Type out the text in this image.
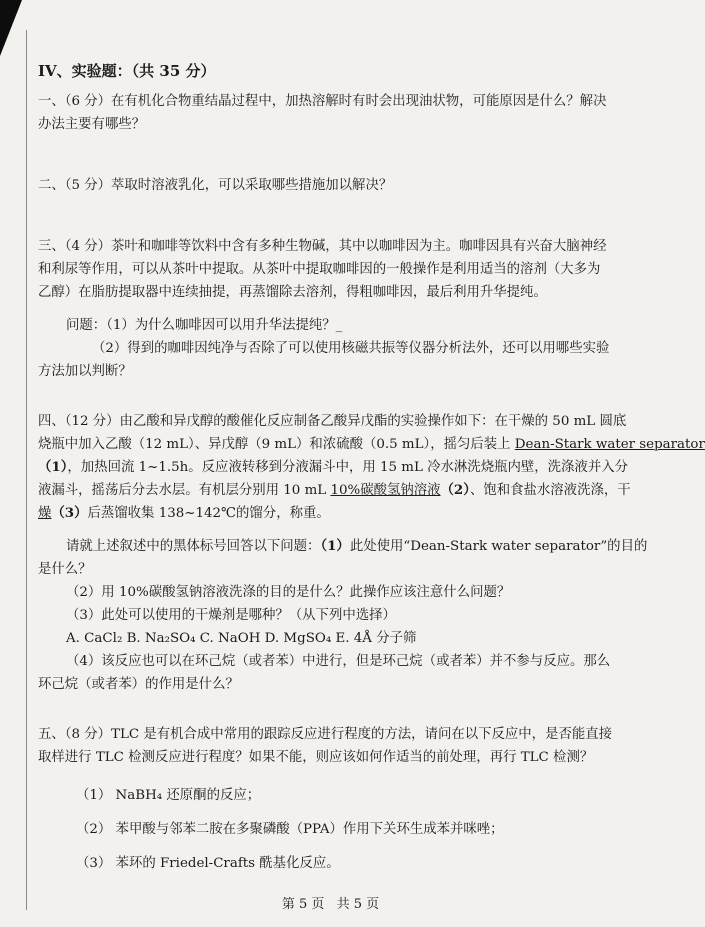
IV、实验题：（共 35 分）

一、（6 分）在有机化合物重结晶过程中，加热溶解时有时会出现油状物，可能原因是什么？解决

办法主要有哪些？

二、（5 分）萃取时溶液乳化，可以采取哪些措施加以解决？

三、（4 分）茶叶和咖啡等饮料中含有多种生物碱，其中以咖啡因为主。咖啡因具有兴奋大脑神经

和利尿等作用，可以从茶叶中提取。从茶叶中提取咖啡因的一般操作是利用适当的溶剂（大多为

乙醇）在脂肪提取器中连续抽提，再蒸馏除去溶剂，得粗咖啡因，最后利用升华提纯。

问题：（1）为什么咖啡因可以用升华法提纯？_

（2）得到的咖啡因纯净与否除了可以使用核磁共振等仪器分析法外，还可以用哪些实验

方法加以判断？

四、（12 分）由乙酸和异戊醇的酸催化反应制备乙酸异戊酯的实验操作如下：在干燥的 50 mL 圆底

烧瓶中加入乙酸（12 mL）、异戊醇（9 mL）和浓硫酸（0.5 mL），摇匀后装上 Dean-Stark water separator

（1），加热回流 1~1.5h。反应液转移到分液漏斗中，用 15 mL 冷水淋洗烧瓶内壁，洗涤液并入分

液漏斗，摇荡后分去水层。有机层分别用 10 mL 10%碳酸氢钠溶液（2）、饱和食盐水溶液洗涤，干

燥（3）后蒸馏收集 138~142℃的馏分，称重。

请就上述叙述中的黑体标号回答以下问题：（1）此处使用“Dean-Stark water separator”的目的

是什么？

（2）用 10%碳酸氢钠溶液洗涤的目的是什么？此操作应该注意什么问题？

（3）此处可以使用的干燥剂是哪种？（从下列中选择）

A. CaCl₂ B. Na₂SO₄ C. NaOH D. MgSO₄ E. 4Å 分子筛

（4）该反应也可以在环己烷（或者苯）中进行，但是环己烷（或者苯）并不参与反应。那么

环己烷（或者苯）的作用是什么？

五、（8 分）TLC 是有机合成中常用的跟踪反应进行程度的方法，请问在以下反应中，是否能直接

取样进行 TLC 检测反应进行程度？如果不能，则应该如何作适当的前处理，再行 TLC 检测？

（1） NaBH₄ 还原酮的反应；

（2） 苯甲酸与邻苯二胺在多聚磷酸（PPA）作用下关环生成苯并咪唑；

（3） 苯环的 Friedel-Crafts 酰基化反应。

第 5 页 共 5 页
